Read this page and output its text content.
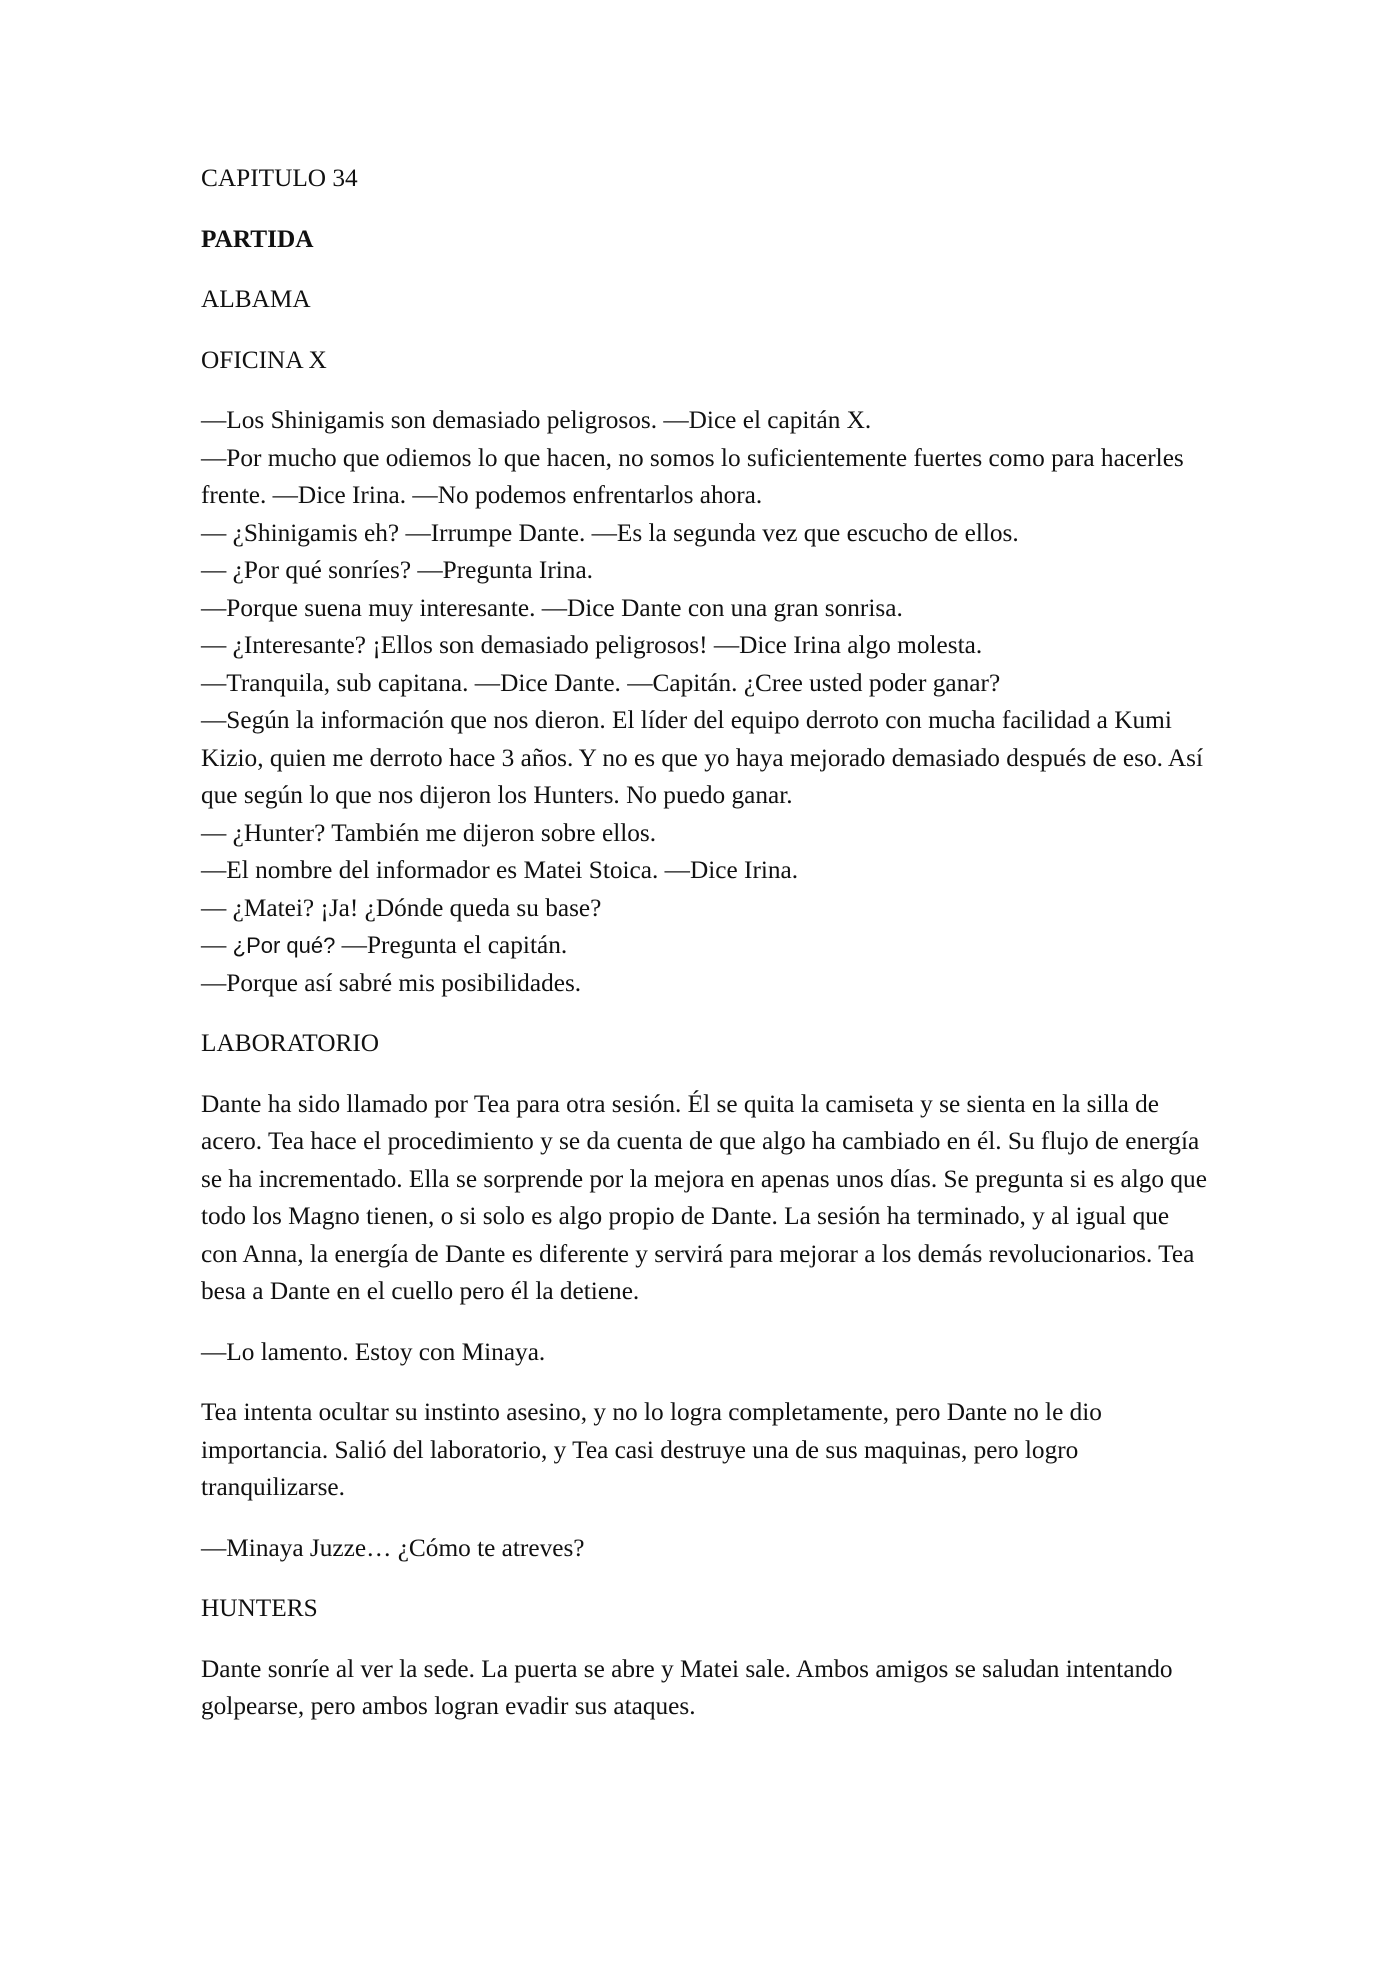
CAPITULO 34

PARTIDA

ALBAMA

OFICINA X

—Los Shinigamis son demasiado peligrosos. —Dice el capitán X.

—Por mucho que odiemos lo que hacen, no somos lo suficientemente fuertes como para hacerles frente. —Dice Irina. —No podemos enfrentarlos ahora.

— ¿Shinigamis eh? —Irrumpe Dante. —Es la segunda vez que escucho de ellos.

— ¿Por qué sonríes? —Pregunta Irina.

—Porque suena muy interesante. —Dice Dante con una gran sonrisa.

— ¿Interesante? ¡Ellos son demasiado peligrosos! —Dice Irina algo molesta.

—Tranquila, sub capitana. —Dice Dante. —Capitán. ¿Cree usted poder ganar?

—Según la información que nos dieron. El líder del equipo derroto con mucha facilidad a Kumi Kizio, quien me derroto hace 3 años. Y no es que yo haya mejorado demasiado después de eso. Así que según lo que nos dijeron los Hunters. No puedo ganar.

— ¿Hunter? También me dijeron sobre ellos.

—El nombre del informador es Matei Stoica. —Dice Irina.

— ¿Matei? ¡Ja! ¿Dónde queda su base?

— ¿Por qué? —Pregunta el capitán.

—Porque así sabré mis posibilidades.

LABORATORIO

Dante ha sido llamado por Tea para otra sesión. Él se quita la camiseta y se sienta en la silla de acero. Tea hace el procedimiento y se da cuenta de que algo ha cambiado en él. Su flujo de energía se ha incrementado. Ella se sorprende por la mejora en apenas unos días. Se pregunta si es algo que todo los Magno tienen, o si solo es algo propio de Dante. La sesión ha terminado, y al igual que con Anna, la energía de Dante es diferente y servirá para mejorar a los demás revolucionarios. Tea besa a Dante en el cuello pero él la detiene.

—Lo lamento. Estoy con Minaya.

Tea intenta ocultar su instinto asesino, y no lo logra completamente, pero Dante no le dio importancia. Salió del laboratorio, y Tea casi destruye una de sus maquinas, pero logro tranquilizarse.

—Minaya Juzze… ¿Cómo te atreves?

HUNTERS

Dante sonríe al ver la sede. La puerta se abre y Matei sale. Ambos amigos se saludan intentando golpearse, pero ambos logran evadir sus ataques.
